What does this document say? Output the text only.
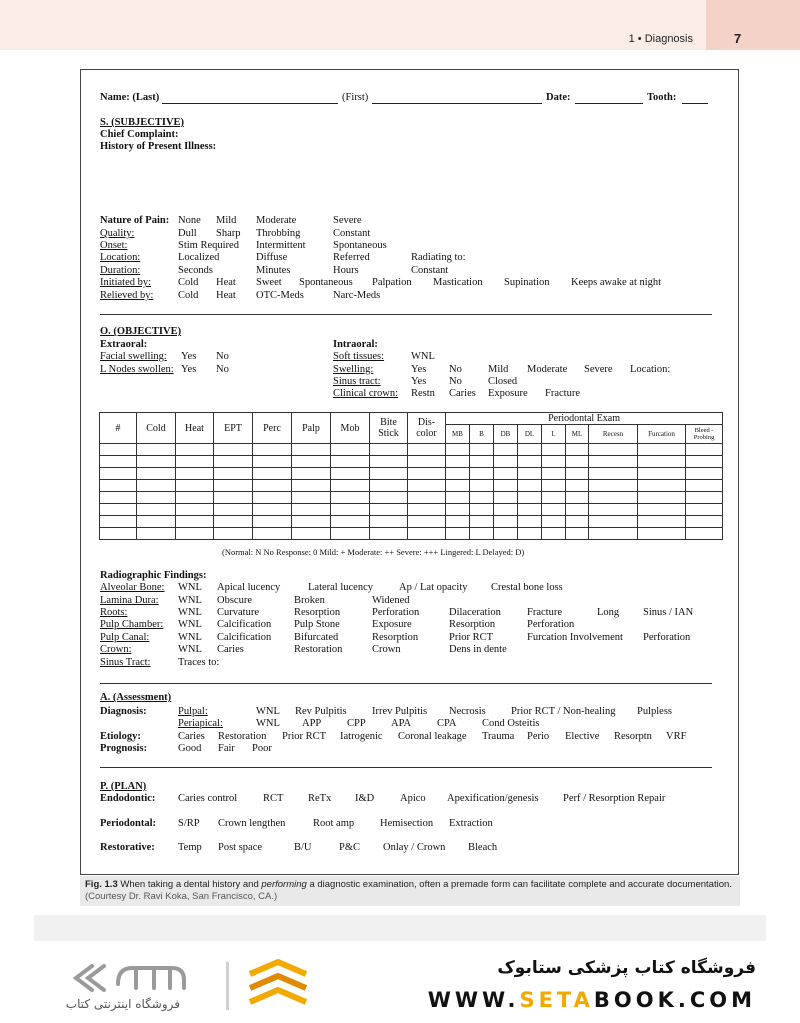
1 • Diagnosis	7
Name: (Last)	(First)	Date:	Tooth:
S. (SUBJECTIVE)
Chief Complaint:
History of Present Illness:
Nature of Pain: None Mild Moderate	Severe
Quality:	Dull Sharp Throbbing	Constant
Onset:	Stim Required Intermittent	Spontaneous
Location:	Localized	Diffuse	Referred	Radiating to:
Duration:	Seconds	Minutes	Hours	Constant
Initiated by:	Cold Heat Sweet Spontaneous Palpation Mastication Supination Keeps awake at night
Relieved by: Cold Heat OTC-Meds	Narc-Meds
O. (OBJECTIVE)
Extraoral:
Facial swelling: Yes No
L Nodes swollen: Yes No
Intraoral:
Soft tissues:	WNL
Swelling:	Yes No Mild Moderate Severe Location:
Sinus tract:	Yes No Closed
Clinical crown: Restn Caries Exposure Fracture
#	Cold	Heat	EPT	Perc	Palp	Mob	Bite Stick	Dis-color	Periodontal Exam								
									MB	B	DB	DL	L	ML	Recesn	Furcation	Bleed - Probing

(Normal: N No Response: 0 Mild: + Moderate: ++ Severe: +++ Lingered: L Delayed: D)
Radiographic Findings:
Alveolar Bone: WNL Apical lucency	Lateral lucency Ap / Lat opacity Crestal bone loss
Lamina Dura: WNL Obscure	Broken	Widened
Roots:	WNL Curvature	Resorption	Perforation	Dilaceration Fracture	Long Sinus / IAN
Pulp Chamber: WNL Calcification Pulp Stone	Exposure	Resorption	Perforation
Pulp Canal:	WNL Calcification Bifurcated	Resorption	Prior RCT	Furcation Involvement Perforation
Crown:	WNL Caries	Restoration	Crown	Dens in dente
Sinus Tract:	Traces to:
A. (Assessment)
Diagnosis:	Pulpal:	WNL Rev Pulpitis Irrev Pulpitis Necrosis Prior RCT / Non-healing Pulpless
Periapical:	WNL APP CPP APA CPA Cond Osteitis
Etiology:	Caries Restoration Prior RCT Iatrogenic Coronal leakage Trauma Perio Elective Resorptn VRF
Prognosis:	Good Fair Poor
P. (PLAN)
Endodontic: Caries control RCT ReTx I&D Apico Apexification/genesis Perf / Resorption Repair
Periodontal: S/RP Crown lengthen	Root amp Hemisection Extraction
Restorative: Temp Post space	B/U	P&C Onlay / Crown Bleach
Fig. 1.3 When taking a dental history and performing a diagnostic examination, often a premade form can facilitate complete and accurate documentation. (Courtesy Dr. Ravi Koka, San Francisco, CA.)
فروشگاه اینترنتی کتاب
فروشگاه کتاب پزشکی ستابوک
WWW.SETABOOK.COM
